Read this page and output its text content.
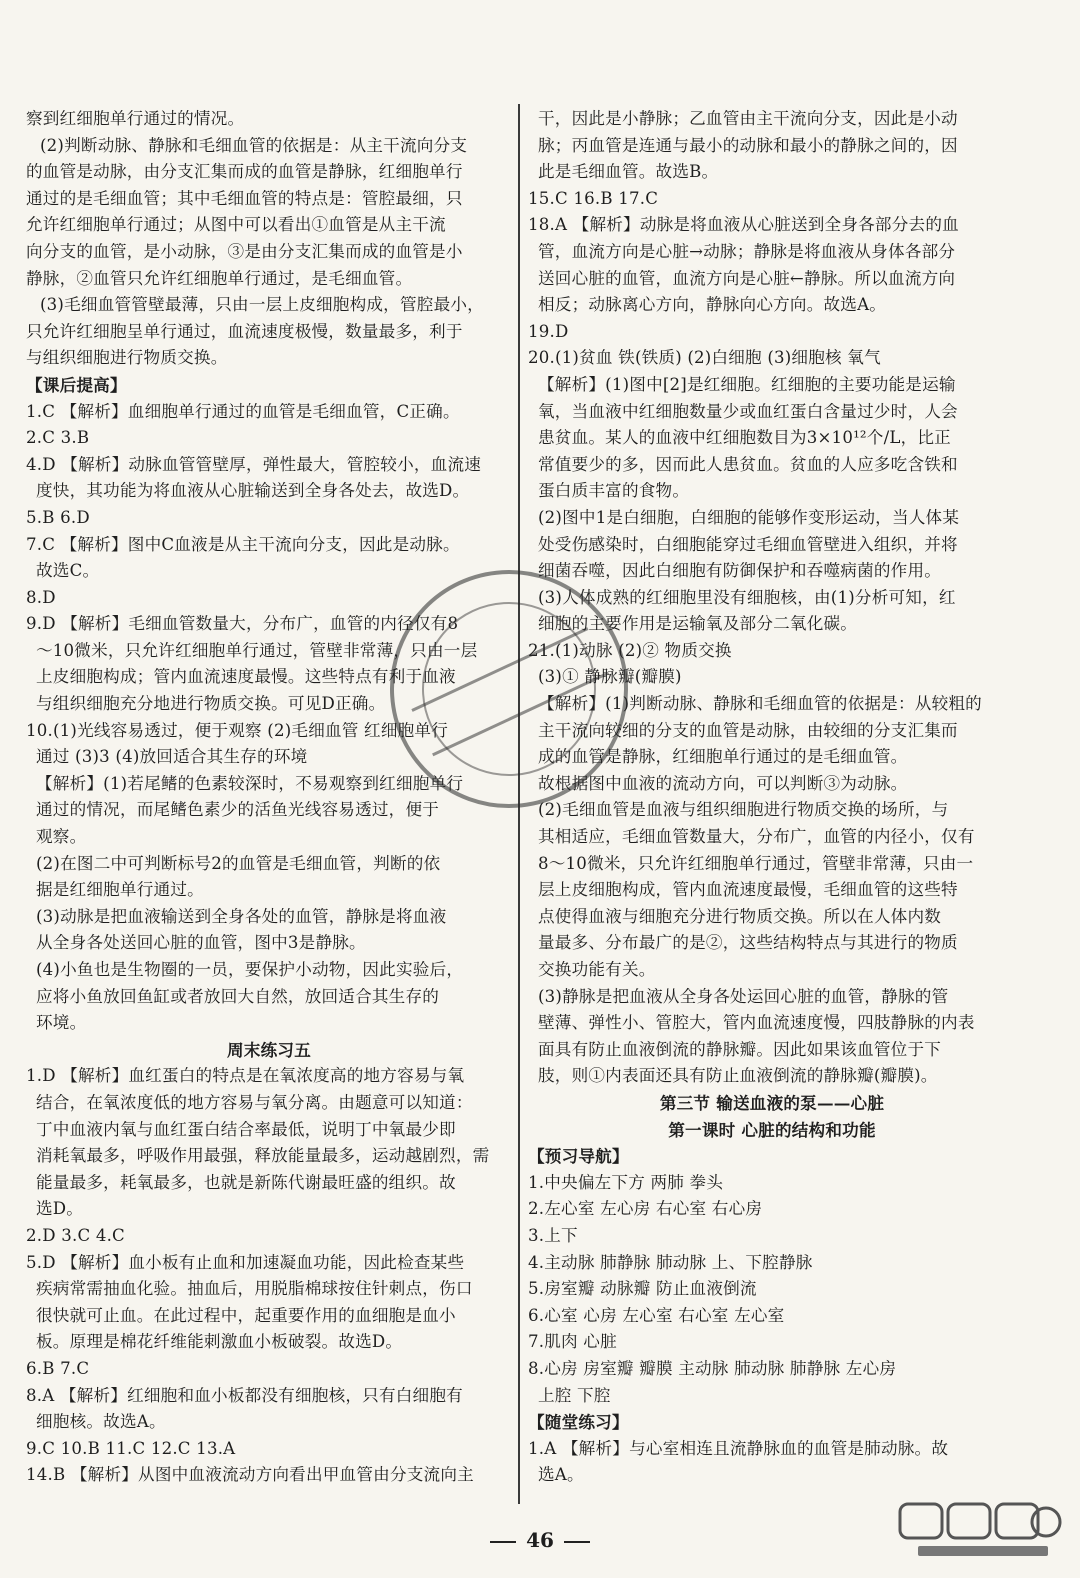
察到红细胞单行通过的情况。
(2)判断动脉、静脉和毛细血管的依据是：从主干流向分支
的血管是动脉，由分支汇集而成的血管是静脉，红细胞单行
通过的是毛细血管；其中毛细血管的特点是：管腔最细，只
允许红细胞单行通过；从图中可以看出①血管是从主干流
向分支的血管，是小动脉，③是由分支汇集而成的血管是小
静脉，②血管只允许红细胞单行通过，是毛细血管。
(3)毛细血管管壁最薄，只由一层上皮细胞构成，管腔最小，
只允许红细胞呈单行通过，血流速度极慢，数量最多，利于
与组织细胞进行物质交换。
【课后提高】
1.C 【解析】血细胞单行通过的血管是毛细血管，C正确。
2.C 3.B
4.D 【解析】动脉血管管壁厚，弹性最大，管腔较小，血流速
度快，其功能为将血液从心脏输送到全身各处去，故选D。
5.B 6.D
7.C 【解析】图中C血液是从主干流向分支，因此是动脉。
故选C。
8.D
9.D 【解析】毛细血管数量大，分布广，血管的内径仅有8
～10微米，只允许红细胞单行通过，管壁非常薄，只由一层
上皮细胞构成；管内血流速度最慢。这些特点有利于血液
与组织细胞充分地进行物质交换。可见D正确。
10.(1)光线容易透过，便于观察 (2)毛细血管 红细胞单行
通过 (3)3 (4)放回适合其生存的环境
【解析】(1)若尾鳍的色素较深时，不易观察到红细胞单行
通过的情况，而尾鳍色素少的活鱼光线容易透过，便于
观察。
(2)在图二中可判断标号2的血管是毛细血管，判断的依
据是红细胞单行通过。
(3)动脉是把血液输送到全身各处的血管，静脉是将血液
从全身各处送回心脏的血管，图中3是静脉。
(4)小鱼也是生物圈的一员，要保护小动物，因此实验后，
应将小鱼放回鱼缸或者放回大自然，放回适合其生存的
环境。
周末练习五
1.D 【解析】血红蛋白的特点是在氧浓度高的地方容易与氧
结合，在氧浓度低的地方容易与氧分离。由题意可以知道：
丁中血液内氧与血红蛋白结合率最低，说明丁中氧最少即
消耗氧最多，呼吸作用最强，释放能量最多，运动越剧烈，需
能量最多，耗氧最多，也就是新陈代谢最旺盛的组织。故
选D。
2.D 3.C 4.C
5.D 【解析】血小板有止血和加速凝血功能，因此检查某些
疾病常需抽血化验。抽血后，用脱脂棉球按住针刺点，伤口
很快就可止血。在此过程中，起重要作用的血细胞是血小
板。原理是棉花纤维能刺激血小板破裂。故选D。
6.B 7.C
8.A 【解析】红细胞和血小板都没有细胞核，只有白细胞有
细胞核。故选A。
9.C 10.B 11.C 12.C 13.A
14.B 【解析】从图中血液流动方向看出甲血管由分支流向主
干，因此是小静脉；乙血管由主干流向分支，因此是小动
脉；丙血管是连通与最小的动脉和最小的静脉之间的，因
此是毛细血管。故选B。
15.C 16.B 17.C
18.A 【解析】动脉是将血液从心脏送到全身各部分去的血
管，血流方向是心脏→动脉；静脉是将血液从身体各部分
送回心脏的血管，血流方向是心脏←静脉。所以血流方向
相反；动脉离心方向，静脉向心方向。故选A。
19.D
20.(1)贫血 铁(铁质) (2)白细胞 (3)细胞核 氧气
【解析】(1)图中[2]是红细胞。红细胞的主要功能是运输
氧，当血液中红细胞数量少或血红蛋白含量过少时，人会
患贫血。某人的血液中红细胞数目为3×10¹²个/L，比正
常值要少的多，因而此人患贫血。贫血的人应多吃含铁和
蛋白质丰富的食物。
(2)图中1是白细胞，白细胞的能够作变形运动，当人体某
处受伤感染时，白细胞能穿过毛细血管壁进入组织，并将
细菌吞噬，因此白细胞有防御保护和吞噬病菌的作用。
(3)人体成熟的红细胞里没有细胞核，由(1)分析可知，红
细胞的主要作用是运输氧及部分二氧化碳。
21.(1)动脉 (2)② 物质交换
(3)① 静脉瓣(瓣膜)
【解析】(1)判断动脉、静脉和毛细血管的依据是：从较粗的
主干流向较细的分支的血管是动脉，由较细的分支汇集而
成的血管是静脉，红细胞单行通过的是毛细血管。
故根据图中血液的流动方向，可以判断③为动脉。
(2)毛细血管是血液与组织细胞进行物质交换的场所，与
其相适应，毛细血管数量大，分布广，血管的内径小，仅有
8～10微米，只允许红细胞单行通过，管壁非常薄，只由一
层上皮细胞构成，管内血流速度最慢，毛细血管的这些特
点使得血液与细胞充分进行物质交换。所以在人体内数
量最多、分布最广的是②，这些结构特点与其进行的物质
交换功能有关。
(3)静脉是把血液从全身各处运回心脏的血管，静脉的管
壁薄、弹性小、管腔大，管内血流速度慢，四肢静脉的内表
面具有防止血液倒流的静脉瓣。因此如果该血管位于下
肢，则①内表面还具有防止血液倒流的静脉瓣(瓣膜)。
第三节 输送血液的泵——心脏
第一课时 心脏的结构和功能
【预习导航】
1.中央偏左下方 两肺 拳头
2.左心室 左心房 右心室 右心房
3.上下
4.主动脉 肺静脉 肺动脉 上、下腔静脉
5.房室瓣 动脉瓣 防止血液倒流
6.心室 心房 左心室 右心室 左心室
7.肌肉 心脏
8.心房 房室瓣 瓣膜 主动脉 肺动脉 肺静脉 左心房
上腔 下腔
【随堂练习】
1.A 【解析】与心室相连且流静脉血的血管是肺动脉。故
选A。
46
